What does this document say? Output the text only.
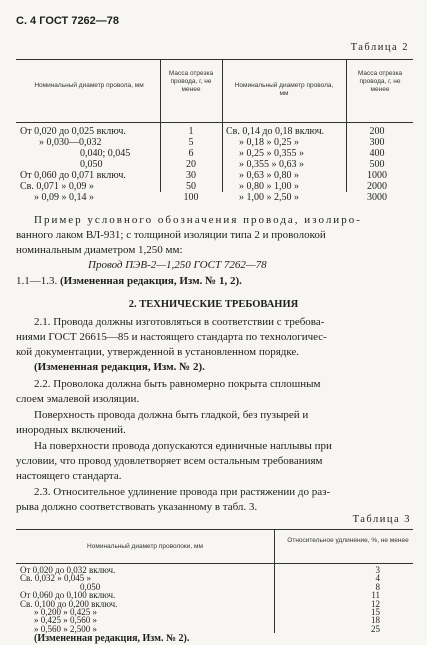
С. 4 ГОСТ 7262—78
Таблица 2
Номинальный диаметр провола, мм
Масса отрезка провода, г, не менее
Номинальный диаметр провола, мм
Масса отрезка провода, г, не менее
От 0,020 до 0,025 включ.	1	Св. 0,14 до 0,18 включ.	200
» 0,030—0,032	5	» 0,18 » 0,25 »	300
0,040; 0,045	6	» 0,25 » 0,355 »	400
0,050	20	» 0,355 » 0,63 »	500
От 0,060 до 0,071 включ.	30	» 0,63 » 0,80 »	1000
Св. 0,071 » 0,09 »	50	» 0,80 » 1,00 »	2000
» 0,09 » 0,14 »	100	» 1,00 » 2,50 »	3000
Пример условного обозначения провода, изолиро-
ванного лаком ВЛ-931; с толщиной изоляции типа 2 и проволокой
номинальным диаметром 1,250 мм:
Провод ПЭВ-2—1,250 ГОСТ 7262—78
1.1—1.3. (Измененная редакция, Изм. № 1, 2).
2. ТЕХНИЧЕСКИЕ ТРЕБОВАНИЯ
2.1. Провода должны изготовляться в соответствии с требова-
ниями ГОСТ 26615—85 и настоящего стандарта по технологичес-
кой документации, утвержденной в установленном порядке.
(Измененная редакция, Изм. № 2).
2.2. Проволока должна быть равномерно покрыта сплошным
слоем эмалевой изоляции.
Поверхность провода должна быть гладкой, без пузырей и
инородных включений.
На поверхности провода допускаются единичные наплывы при
условии, что провод удовлетворяет всем остальным требованиям
настоящего стандарта.
2.3. Относительное удлинение провода при растяжении до раз-
рыва должно соответствовать указанному в табл. 3.
Таблица 3
Номинальный диаметр проволоки, мм
Относительное удлинение, %, не менее
От 0,020 до 0,032 включ.	3
Св. 0,032 » 0,045 »	4
0,050	8
От 0,060 до 0,100 включ.	11
Св. 0,100 до 0,200 включ.	12
» 0,200 » 0,425 »	15
» 0,425 » 0,560 »	18
» 0,560 » 2,500 »	25
(Измененная редакция, Изм. № 2).
